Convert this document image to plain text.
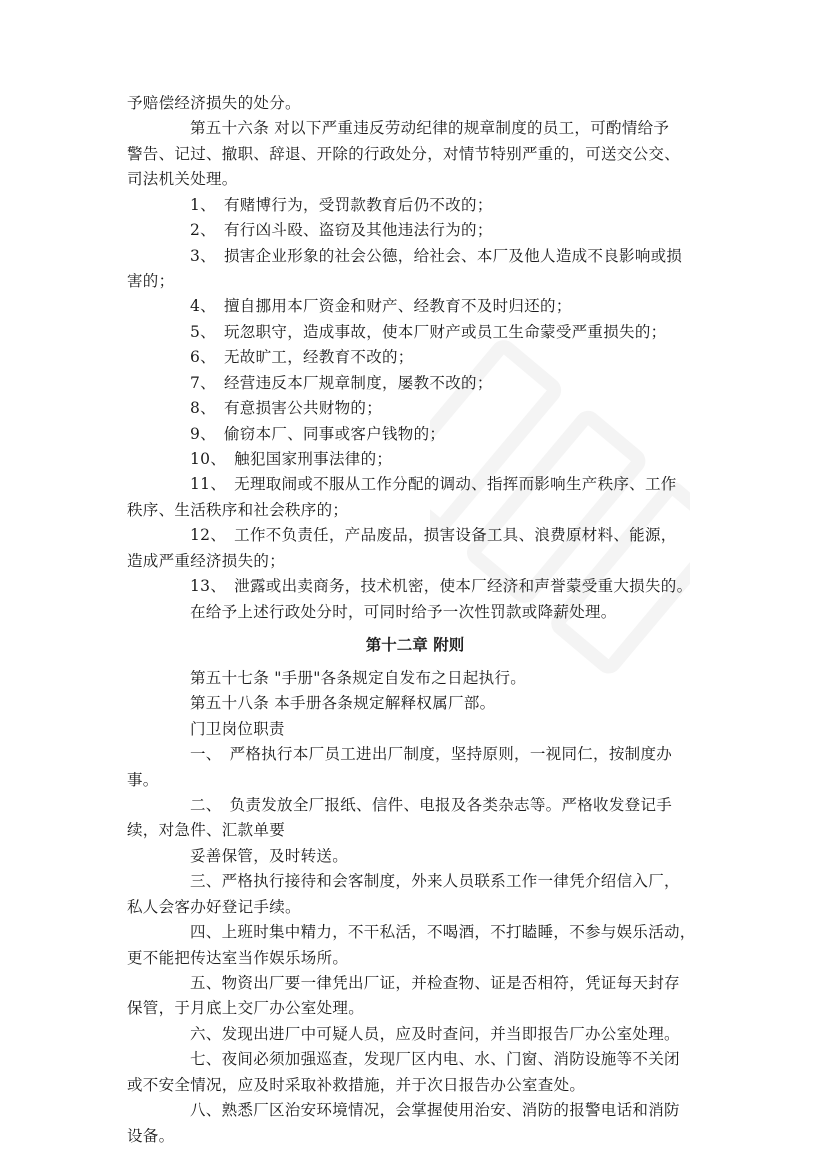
予赔偿经济损失的处分。

第五十六条 对以下严重违反劳动纪律的规章制度的员工，可酌情给予

警告、记过、撤职、辞退、开除的行政处分，对情节特别严重的，可送交公交、

司法机关处理。

1、　有赌博行为，受罚款教育后仍不改的；

2、　有行凶斗殴、盗窃及其他违法行为的；

3、　损害企业形象的社会公德，给社会、本厂及他人造成不良影响或损

害的；

4、　擅自挪用本厂资金和财产、经教育不及时归还的；

5、　玩忽职守，造成事故，使本厂财产或员工生命蒙受严重损失的；

6、　无故旷工，经教育不改的；

7、　经营违反本厂规章制度，屡教不改的；

8、　有意损害公共财物的；

9、　偷窃本厂、同事或客户钱物的；

10、　触犯国家刑事法律的；

11、　无理取闹或不服从工作分配的调动、指挥而影响生产秩序、工作

秩序、生活秩序和社会秩序的；

12、　工作不负责任，产品废品，损害设备工具、浪费原材料、能源，

造成严重经济损失的；

13、　泄露或出卖商务，技术机密，使本厂经济和声誉蒙受重大损失的。

在给予上述行政处分时，可同时给予一次性罚款或降薪处理。

第十二章 附则

第五十七条 "手册"各条规定自发布之日起执行。

第五十八条 本手册各条规定解释权属厂部。

门卫岗位职责

一、　严格执行本厂员工进出厂制度，坚持原则，一视同仁，按制度办

事。

二、　负责发放全厂报纸、信件、电报及各类杂志等。严格收发登记手

续，对急件、汇款单要

妥善保管，及时转送。

三、严格执行接待和会客制度，外来人员联系工作一律凭介绍信入厂，

私人会客办好登记手续。

四、上班时集中精力，不干私活，不喝酒，不打瞌睡，不参与娱乐活动，

更不能把传达室当作娱乐场所。

五、物资出厂要一律凭出厂证，并检查物、证是否相符，凭证每天封存

保管，于月底上交厂办公室处理。

六、发现出进厂中可疑人员，应及时查问，并当即报告厂办公室处理。

七、夜间必须加强巡查，发现厂区内电、水、门窗、消防设施等不关闭

或不安全情况，应及时采取补救措施，并于次日报告办公室查处。

八、熟悉厂区治安环境情况，会掌握使用治安、消防的报警电话和消防

设备。
